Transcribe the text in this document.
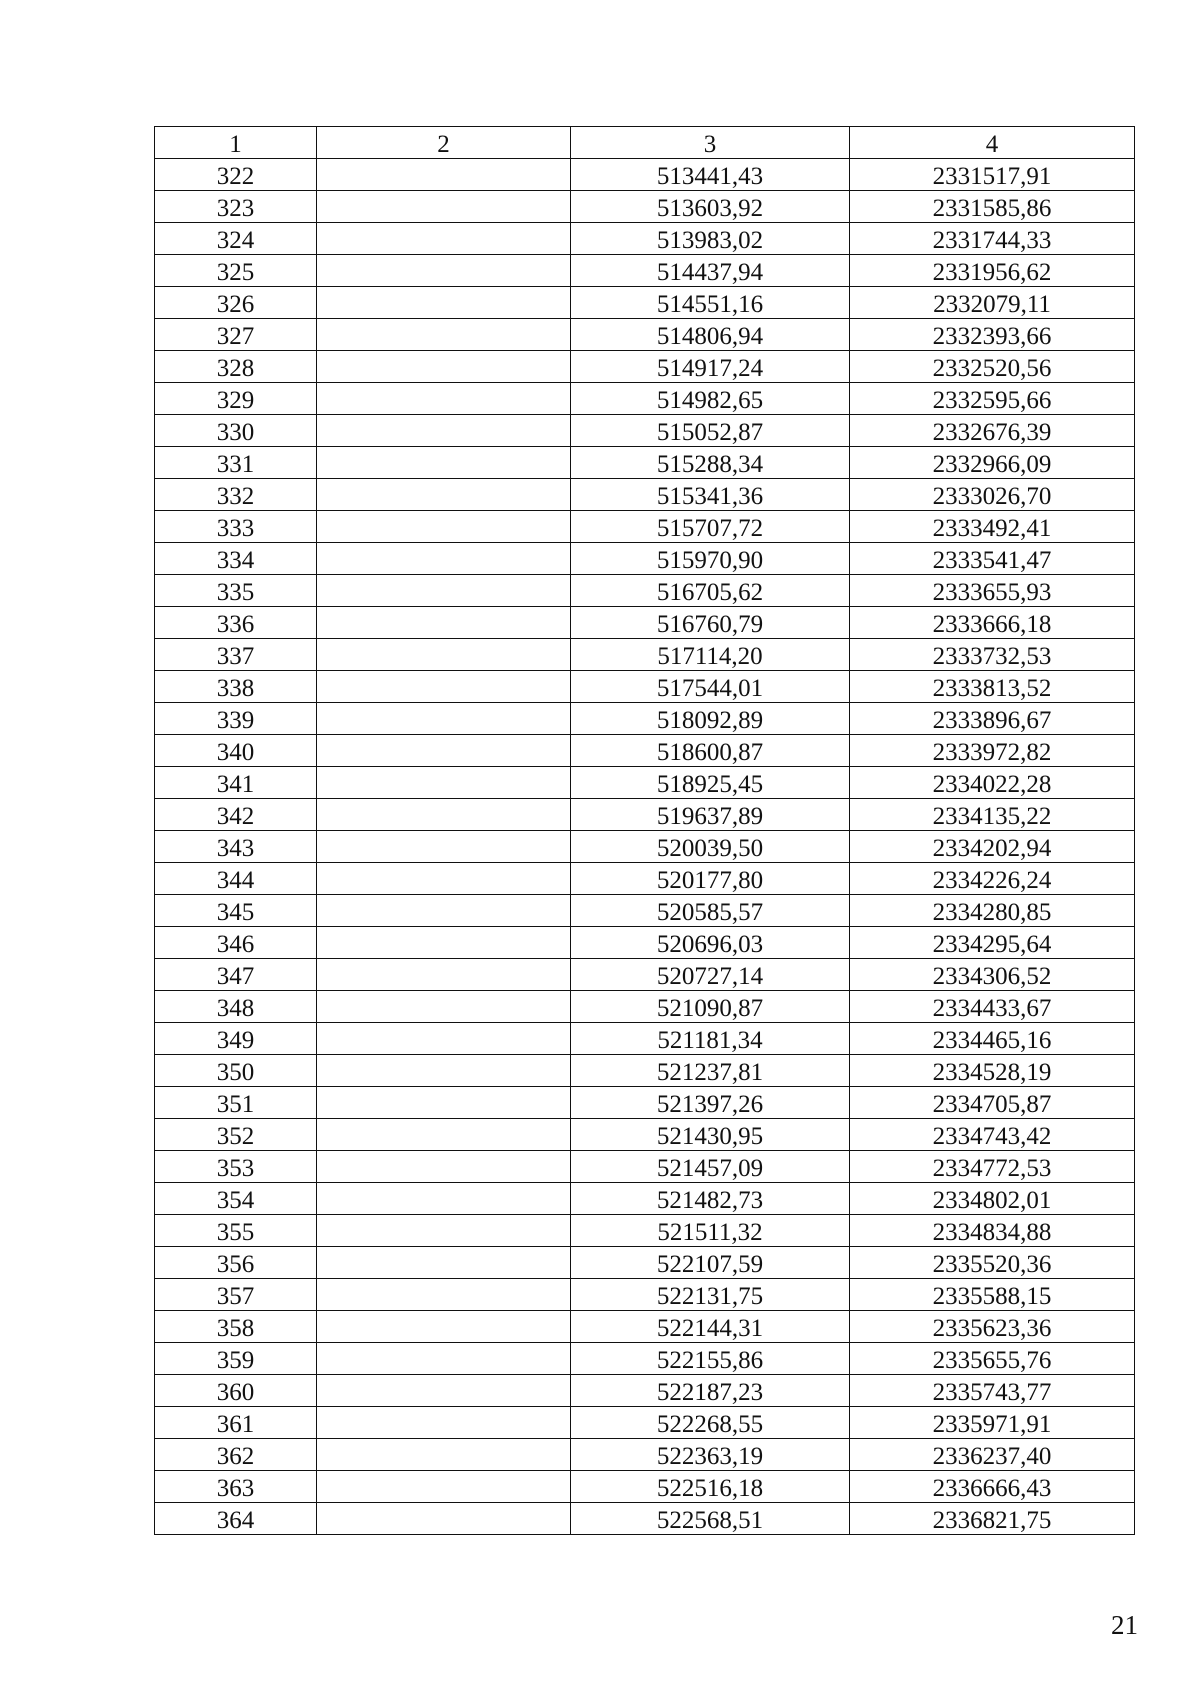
1	2	3	4
322		513441,43	2331517,91
323		513603,92	2331585,86
324		513983,02	2331744,33
325		514437,94	2331956,62
326		514551,16	2332079,11
327		514806,94	2332393,66
328		514917,24	2332520,56
329		514982,65	2332595,66
330		515052,87	2332676,39
331		515288,34	2332966,09
332		515341,36	2333026,70
333		515707,72	2333492,41
334		515970,90	2333541,47
335		516705,62	2333655,93
336		516760,79	2333666,18
337		517114,20	2333732,53
338		517544,01	2333813,52
339		518092,89	2333896,67
340		518600,87	2333972,82
341		518925,45	2334022,28
342		519637,89	2334135,22
343		520039,50	2334202,94
344		520177,80	2334226,24
345		520585,57	2334280,85
346		520696,03	2334295,64
347		520727,14	2334306,52
348		521090,87	2334433,67
349		521181,34	2334465,16
350		521237,81	2334528,19
351		521397,26	2334705,87
352		521430,95	2334743,42
353		521457,09	2334772,53
354		521482,73	2334802,01
355		521511,32	2334834,88
356		522107,59	2335520,36
357		522131,75	2335588,15
358		522144,31	2335623,36
359		522155,86	2335655,76
360		522187,23	2335743,77
361		522268,55	2335971,91
362		522363,19	2336237,40
363		522516,18	2336666,43
364		522568,51	2336821,75
21
